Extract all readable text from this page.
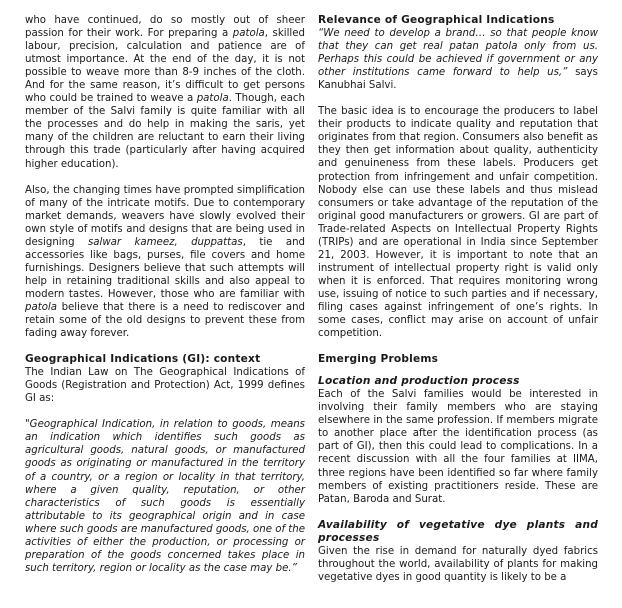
who have continued, do so mostly out of sheer passion for their work. For preparing a patola, skilled labour, precision, calculation and patience are of utmost importance. At the end of the day, it is not possible to weave more than 8-9 inches of the cloth. And for the same reason, it’s difficult to get persons who could be trained to weave a patola. Though, each member of the Salvi family is quite familiar with all the processes and do help in making the saris, yet many of the children are reluctant to earn their living through this trade (particularly after having acquired higher education).

Also, the changing times have prompted simplification of many of the intricate motifs. Due to contemporary market demands, weavers have slowly evolved their own style of motifs and designs that are being used in designing salwar kameez, duppattas, tie and accessories like bags, purses, file covers and home furnishings. Designers believe that such attempts will help in retaining traditional skills and also appeal to modern tastes. However, those who are familiar with patola believe that there is a need to rediscover and retain some of the old designs to prevent these from fading away forever.

Geographical Indications (GI): context

The Indian Law on The Geographical Indications of Goods (Registration and Protection) Act, 1999 defines GI as:

"Geographical Indication, in relation to goods, means an indication which identifies such goods as agricultural goods, natural goods, or manufactured goods as originating or manufactured in the territory of a country, or a region or locality in that territory, where a given quality, reputation, or other characteristics of such goods is essentially attributable to its geographical origin and in case where such goods are manufactured goods, one of the activities of either the production, or processing or preparation of the goods concerned takes place in such territory, region or locality as the case may be.”

Relevance of Geographical Indications

“We need to develop a brand… so that people know that they can get real patan patola only from us. Perhaps this could be achieved if government or any other institutions came forward to help us,” says Kanubhai Salvi.

The basic idea is to encourage the producers to label their products to indicate quality and reputation that originates from that region. Consumers also benefit as they then get information about quality, authenticity and genuineness from these labels. Producers get protection from infringement and unfair competition. Nobody else can use these labels and thus mislead consumers or take advantage of the reputation of the original good manufacturers or growers. GI are part of Trade-related Aspects on Intellectual Property Rights (TRIPs) and are operational in India since September 21, 2003. However, it is important to note that an instrument of intellectual property right is valid only when it is enforced. That requires monitoring wrong use, issuing of notice to such parties and if necessary, filing cases against infringement of one’s rights. In some cases, conflict may arise on account of unfair competition.

Emerging Problems

Location and production process

Each of the Salvi families would be interested in involving their family members who are staying elsewhere in the same profession. If members migrate to another place after the identification process (as part of GI), then this could lead to complications. In a recent discussion with all the four families at IIMA, three regions have been identified so far where family members of existing practitioners reside. These are Patan, Baroda and Surat.

Availability of vegetative dye plants and processes

Given the rise in demand for naturally dyed fabrics throughout the world, availability of plants for making vegetative dyes in good quantity is likely to be a
